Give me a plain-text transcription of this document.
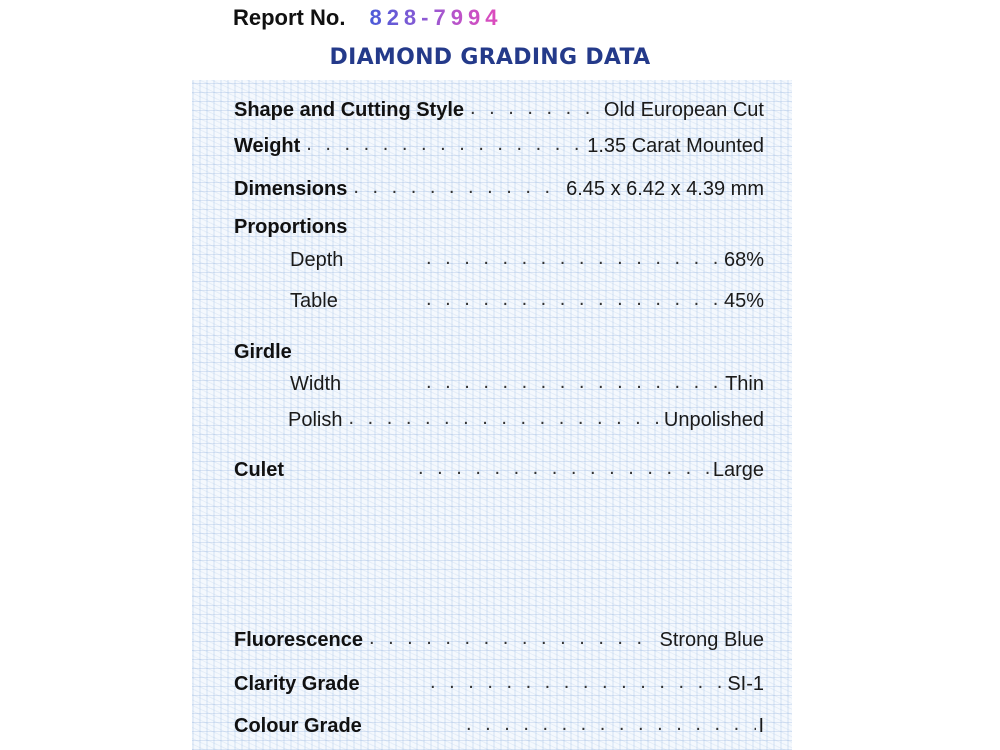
Report No. 828-7994
DIAMOND GRADING DATA
Shape and Cutting Style . . .	Old European Cut
Weight . . .	1.35 Carat Mounted
Dimensions . . .	6.45 x 6.42 x 4.39 mm
Proportions
Depth . . .	68%
Table . . .	45%
Girdle
Width . . .	Thin
Polish . . .	Unpolished
Culet . . .	Large
Fluorescence . . .	Strong Blue
Clarity Grade . . .	SI-1
Colour Grade . . .	I
